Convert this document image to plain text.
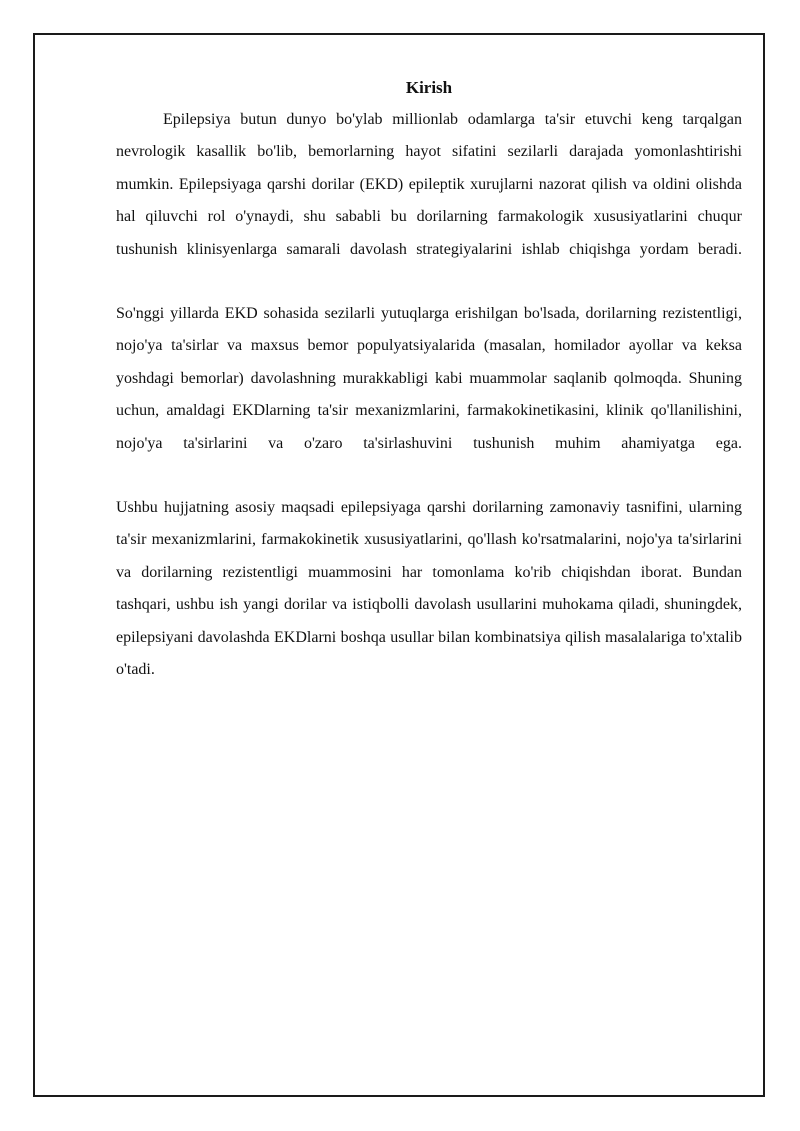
Kirish

Epilepsiya butun dunyo bo'ylab millionlab odamlarga ta'sir etuvchi keng tarqalgan nevrologik kasallik bo'lib, bemorlarning hayot sifatini sezilarli darajada yomonlashtirishi mumkin. Epilepsiyaga qarshi dorilar (EKD) epileptik xurujlarni nazorat qilish va oldini olishda hal qiluvchi rol o'ynaydi, shu sababli bu dorilarning farmakologik xususiyatlarini chuqur tushunish klinisyenlarga samarali davolash strategiyalarini ishlab chiqishga yordam beradi.

So'nggi yillarda EKD sohasida sezilarli yutuqlarga erishilgan bo'lsada, dorilarning rezistentligi, nojo'ya ta'sirlar va maxsus bemor populyatsiyalarida (masalan, homilador ayollar va keksa yoshdagi bemorlar) davolashning murakkabligi kabi muammolar saqlanib qolmoqda. Shuning uchun, amaldagi EKDlarning ta'sir mexanizmlarini, farmakokinetikasini, klinik qo'llanilishini, nojo'ya ta'sirlarini va o'zaro ta'sirlashuvini tushunish muhim ahamiyatga ega.

Ushbu hujjatning asosiy maqsadi epilepsiyaga qarshi dorilarning zamonaviy tasnifini, ularning ta'sir mexanizmlarini, farmakokinetik xususiyatlarini, qo'llash ko'rsatmalarini, nojo'ya ta'sirlarini va dorilarning rezistentligi muammosini har tomonlama ko'rib chiqishdan iborat. Bundan tashqari, ushbu ish yangi dorilar va istiqbolli davolash usullarini muhokama qiladi, shuningdek, epilepsiyani davolashda EKDlarni boshqa usullar bilan kombinatsiya qilish masalalariga to'xtalib o'tadi.
